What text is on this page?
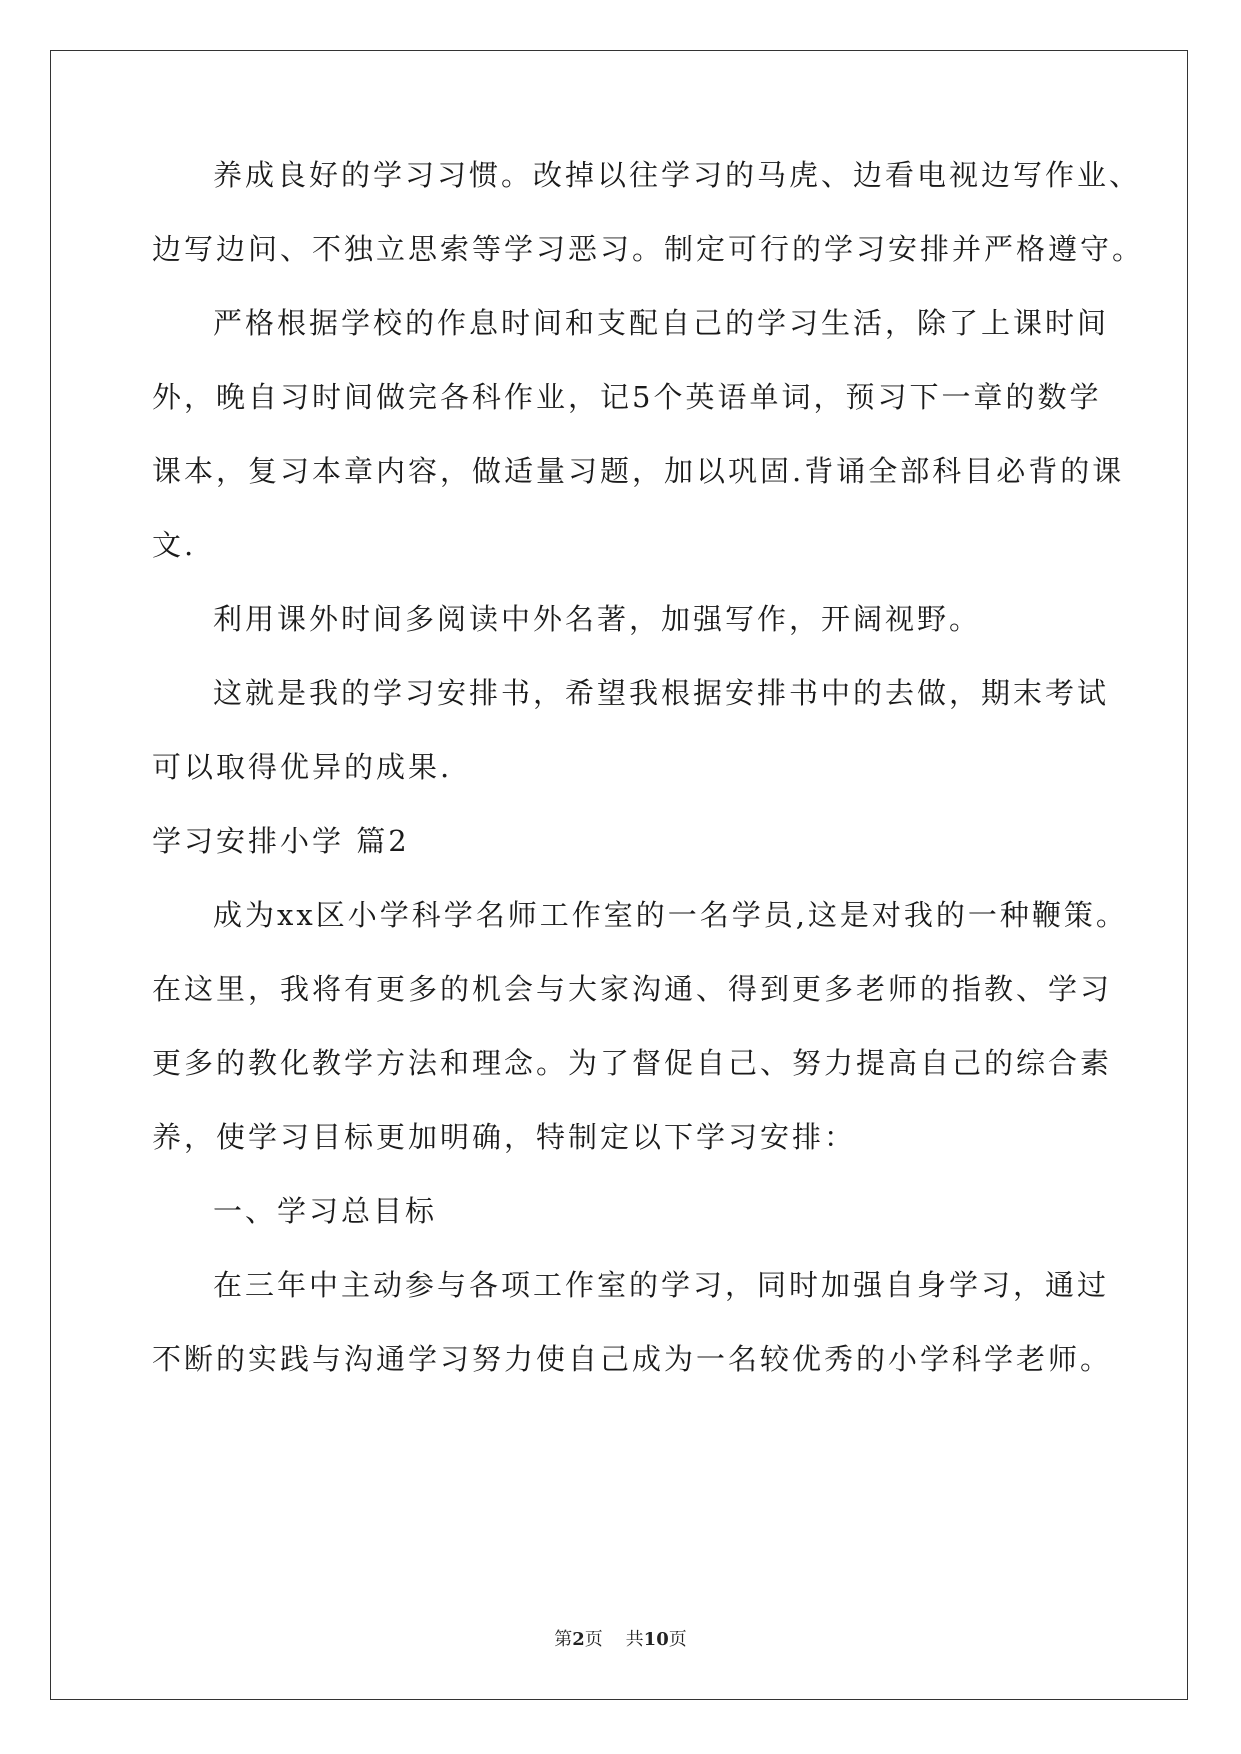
养成良好的学习习惯。改掉以往学习的马虎、边看电视边写作业、
边写边问、不独立思索等学习恶习。制定可行的学习安排并严格遵守。
严格根据学校的作息时间和支配自己的学习生活，除了上课时间
外，晚自习时间做完各科作业，记5个英语单词，预习下一章的数学
课本，复习本章内容，做适量习题，加以巩固.背诵全部科目必背的课
文.
利用课外时间多阅读中外名著，加强写作，开阔视野。
这就是我的学习安排书，希望我根据安排书中的去做，期末考试
可以取得优异的成果.
学习安排小学 篇2
成为xx区小学科学名师工作室的一名学员,这是对我的一种鞭策。
在这里，我将有更多的机会与大家沟通、得到更多老师的指教、学习
更多的教化教学方法和理念。为了督促自己、努力提高自己的综合素
养，使学习目标更加明确，特制定以下学习安排：
一、学习总目标
在三年中主动参与各项工作室的学习，同时加强自身学习，通过
不断的实践与沟通学习努力使自己成为一名较优秀的小学科学老师。
第2页    共10页
